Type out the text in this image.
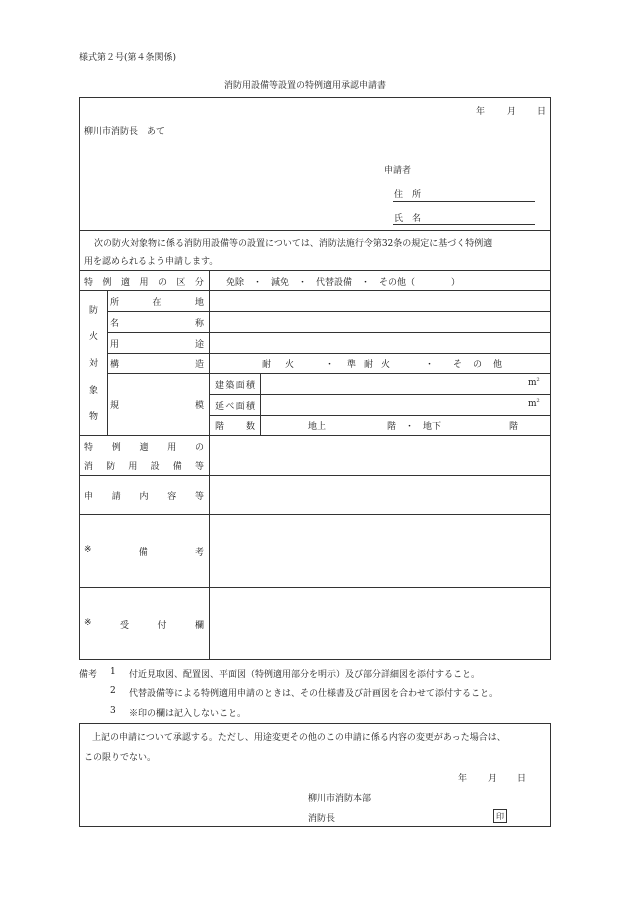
様式第２号(第４条関係)
消防用設備等設置の特例適用承認申請書
年 月 日
柳川市消防長　あて
申請者
住　所
氏　名
次の防火対象物に係る消防用設備等の設置については、消防法施行令第32条の規定に基づく特例適
用を認められるよう申請します。
特 例 適 用 の 区 分 免除　・　減免　・　代替設備　・　その他（　　　　）
防
火
対
象
物
所	在	地
名	称
用	途
構	造	耐火 ・ 準耐火	・ その他
規	模
建 築 面 積	$m^2$
延 べ 面 積	$m^2$
階 数	地上	階　・　地下	階
特 例 適 用 の
消 防 用 設 備 等
申 請 内 容 等
※	備	考
※	受	付	欄
備考 1 付近見取図、配置図、平面図（特例適用部分を明示）及び部分詳細図を添付すること。
2 代替設備等による特例適用申請のときは、その仕様書及び計画図を合わせて添付すること。
3 ※印の欄は記入しないこと。
上記の申請について承認する。ただし、用途変更その他のこの申請に係る内容の変更があった場合は、
この限りでない。
年 月 日
柳川市消防本部
消防長	印
